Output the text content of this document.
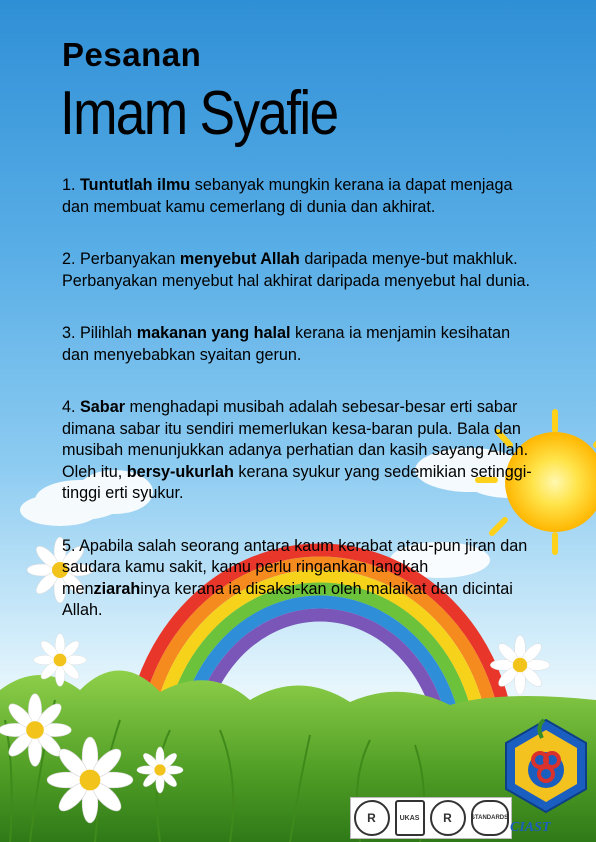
Pesanan
Imam Syafie

1. Tuntutlah ilmu sebanyak mungkin kerana ia dapat menjaga dan membuat kamu cemerlang di dunia dan akhirat.

2. Perbanyakan menyebut Allah daripada menye-but makhluk. Perbanyakan menyebut hal akhirat daripada menyebut hal dunia.

3. Pilihlah makanan yang halal kerana ia menjamin kesihatan dan menyebabkan syaitan gerun.

4. Sabar menghadapi musibah adalah sebesar-besar erti sabar dimana sabar itu sendiri memerlukan kesa-baran pula. Bala dan musibah menunjukkan adanya perhatian dan kasih sayang Allah. Oleh itu, bersy-ukurlah kerana syukur yang sedemikian setinggi-tinggi erti syukur.

5. Apabila salah seorang antara kaum kerabat atau-pun jiran dan saudara kamu sakit, kamu perlu ringankan langkah menziarahinya kerana ia disaksi-kan oleh malaikat dan dicintai Allah.

R	UKAS	R	STANDARDS
CIAST
